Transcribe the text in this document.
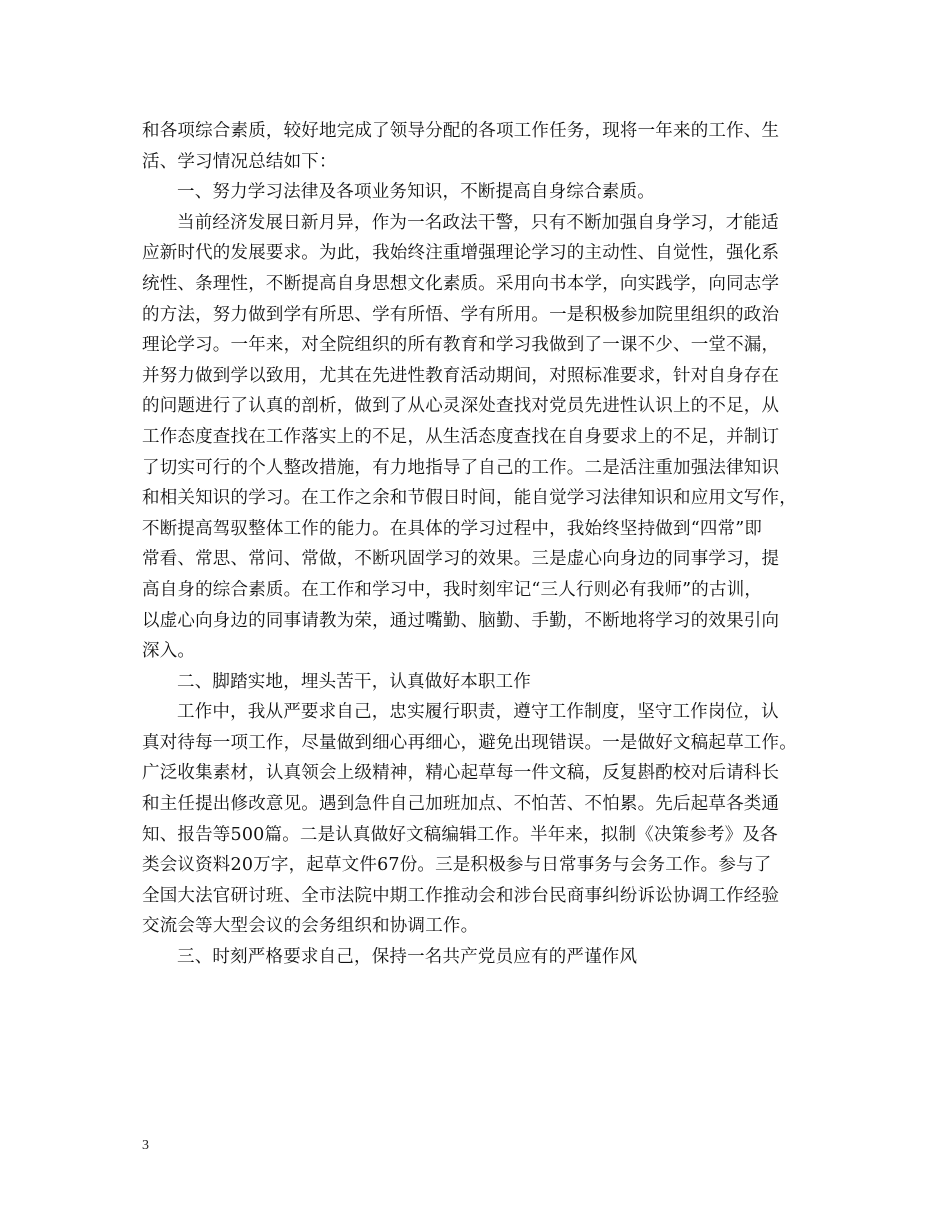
和各项综合素质，较好地完成了领导分配的各项工作任务，现将一年来的工作、生
活、学习情况总结如下：
一、努力学习法律及各项业务知识，不断提高自身综合素质。
当前经济发展日新月异，作为一名政法干警，只有不断加强自身学习，才能适
应新时代的发展要求。为此，我始终注重增强理论学习的主动性、自觉性，强化系
统性、条理性，不断提高自身思想文化素质。采用向书本学，向实践学，向同志学
的方法，努力做到学有所思、学有所悟、学有所用。一是积极参加院里组织的政治
理论学习。一年来，对全院组织的所有教育和学习我做到了一课不少、一堂不漏，
并努力做到学以致用，尤其在先进性教育活动期间，对照标准要求，针对自身存在
的问题进行了认真的剖析，做到了从心灵深处查找对党员先进性认识上的不足，从
工作态度查找在工作落实上的不足，从生活态度查找在自身要求上的不足，并制订
了切实可行的个人整改措施，有力地指导了自己的工作。二是活注重加强法律知识
和相关知识的学习。在工作之余和节假日时间，能自觉学习法律知识和应用文写作，
不断提高驾驭整体工作的能力。在具体的学习过程中，我始终坚持做到“四常”即
常看、常思、常问、常做，不断巩固学习的效果。三是虚心向身边的同事学习，提
高自身的综合素质。在工作和学习中，我时刻牢记“三人行则必有我师”的古训，
以虚心向身边的同事请教为荣，通过嘴勤、脑勤、手勤，不断地将学习的效果引向
深入。
二、脚踏实地，埋头苦干，认真做好本职工作
工作中，我从严要求自己，忠实履行职责，遵守工作制度，坚守工作岗位，认
真对待每一项工作，尽量做到细心再细心，避免出现错误。一是做好文稿起草工作。
广泛收集素材，认真领会上级精神，精心起草每一件文稿，反复斟酌校对后请科长
和主任提出修改意见。遇到急件自己加班加点、不怕苦、不怕累。先后起草各类通
知、报告等500篇。二是认真做好文稿编辑工作。半年来，拟制《决策参考》及各
类会议资料20万字，起草文件67份。三是积极参与日常事务与会务工作。参与了
全国大法官研讨班、全市法院中期工作推动会和涉台民商事纠纷诉讼协调工作经验
交流会等大型会议的会务组织和协调工作。
三、时刻严格要求自己，保持一名共产党员应有的严谨作风
3
